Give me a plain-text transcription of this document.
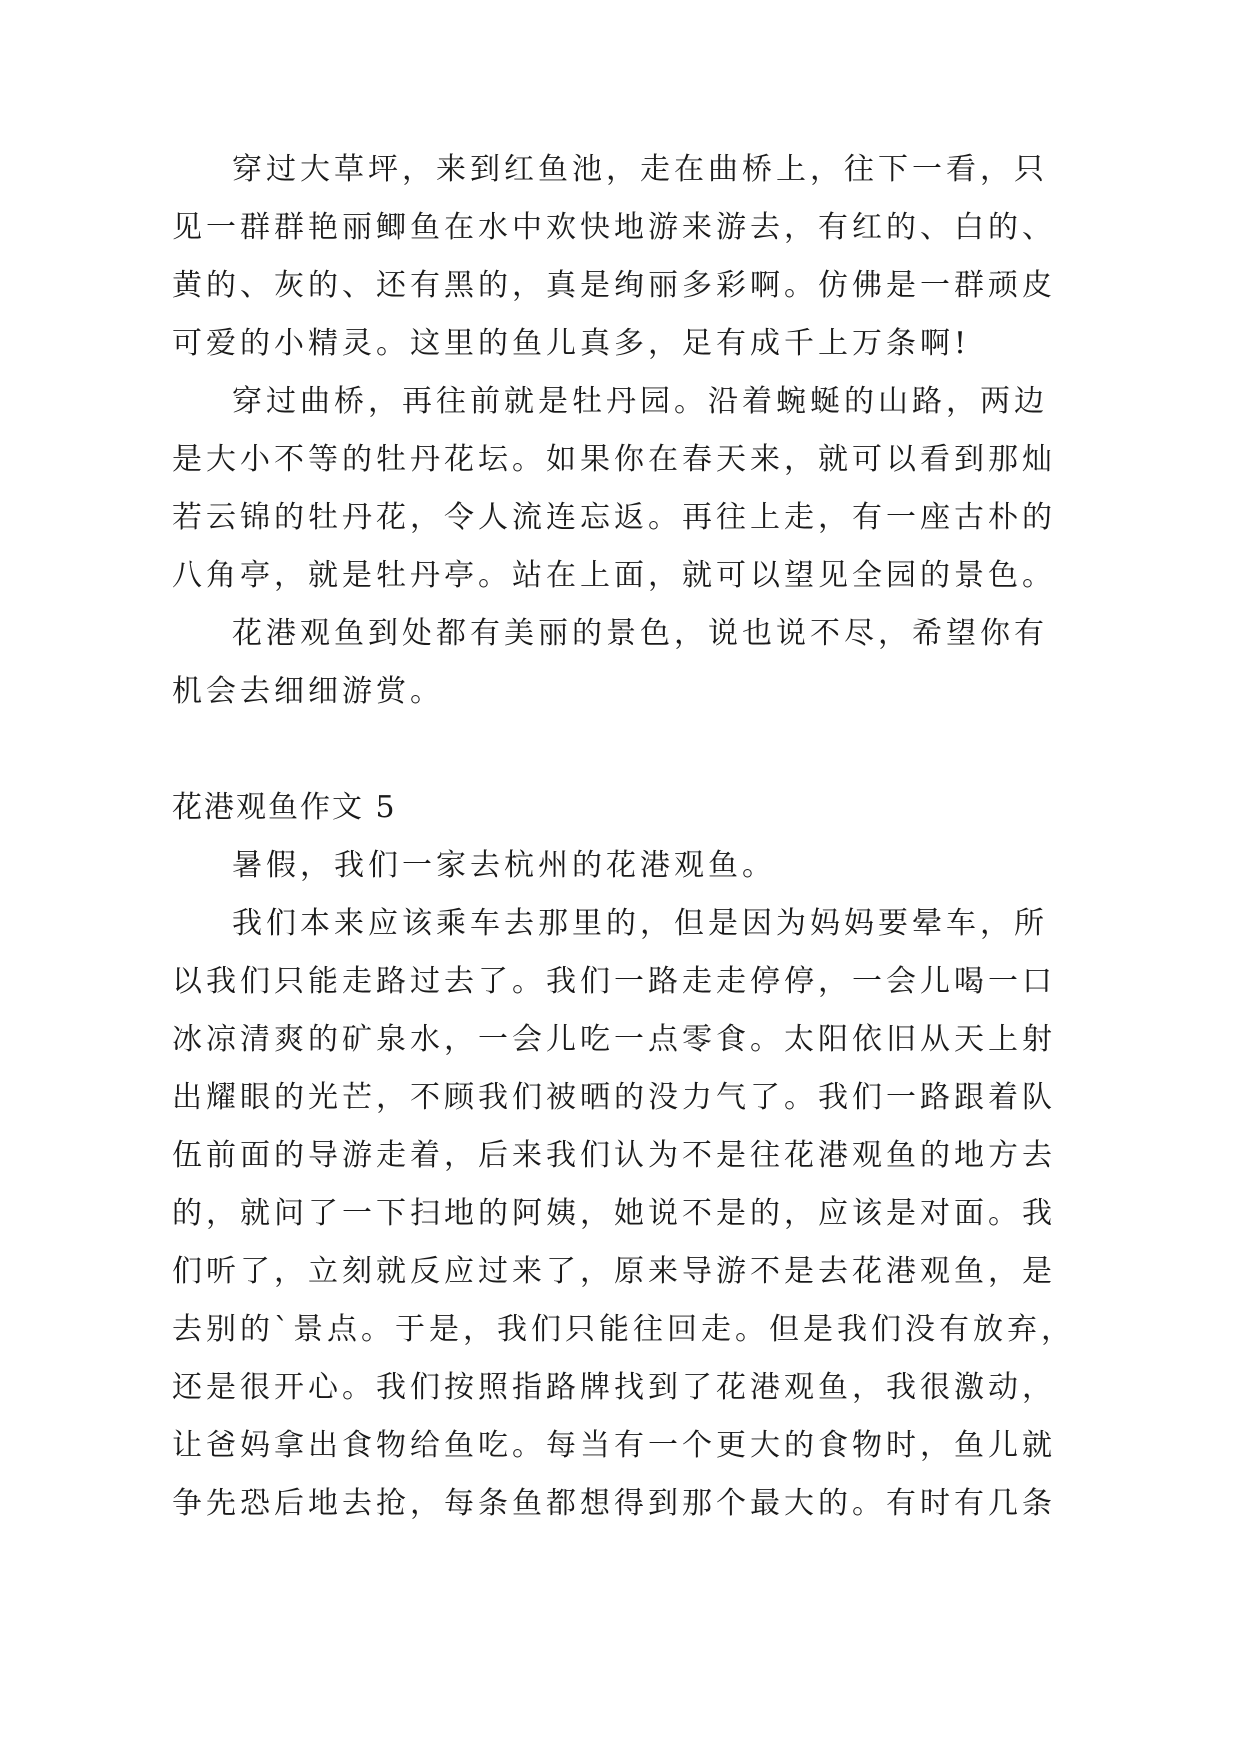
穿过大草坪，来到红鱼池，走在曲桥上，往下一看，只
见一群群艳丽鲫鱼在水中欢快地游来游去，有红的、白的、
黄的、灰的、还有黑的，真是绚丽多彩啊。仿佛是一群顽皮
可爱的小精灵。这里的鱼儿真多，足有成千上万条啊!
穿过曲桥，再往前就是牡丹园。沿着蜿蜒的山路，两边
是大小不等的牡丹花坛。如果你在春天来，就可以看到那灿
若云锦的牡丹花，令人流连忘返。再往上走，有一座古朴的
八角亭，就是牡丹亭。站在上面，就可以望见全园的景色。
花港观鱼到处都有美丽的景色，说也说不尽，希望你有
机会去细细游赏。
花港观鱼作文 5
暑假，我们一家去杭州的花港观鱼。
我们本来应该乘车去那里的，但是因为妈妈要晕车，所
以我们只能走路过去了。我们一路走走停停，一会儿喝一口
冰凉清爽的矿泉水，一会儿吃一点零食。太阳依旧从天上射
出耀眼的光芒，不顾我们被晒的没力气了。我们一路跟着队
伍前面的导游走着，后来我们认为不是往花港观鱼的地方去
的，就问了一下扫地的阿姨，她说不是的，应该是对面。我
们听了，立刻就反应过来了，原来导游不是去花港观鱼，是
去别的`景点。于是，我们只能往回走。但是我们没有放弃，
还是很开心。我们按照指路牌找到了花港观鱼，我很激动，
让爸妈拿出食物给鱼吃。每当有一个更大的食物时，鱼儿就
争先恐后地去抢，每条鱼都想得到那个最大的。有时有几条
